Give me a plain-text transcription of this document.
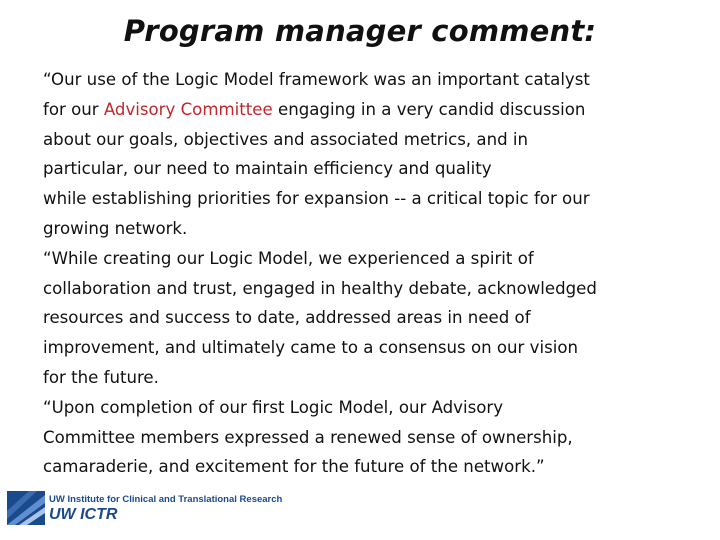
Program manager comment:

“Our use of the Logic Model framework was an important catalyst
for our Advisory Committee engaging in a very candid discussion
about our goals, objectives and associated metrics, and in
particular, our need to maintain efficiency and quality
while establishing priorities for expansion -- a critical topic for our
growing network.

“While creating our Logic Model, we experienced a spirit of
collaboration and trust, engaged in healthy debate, acknowledged
resources and success to date, addressed areas in need of
improvement, and ultimately came to a consensus on our vision
for the future.

“Upon completion of our first Logic Model, our Advisory
Committee members expressed a renewed sense of ownership,
camaraderie, and excitement for the future of the network.”

UW Institute for Clinical and Translational Research
UW ICTR
